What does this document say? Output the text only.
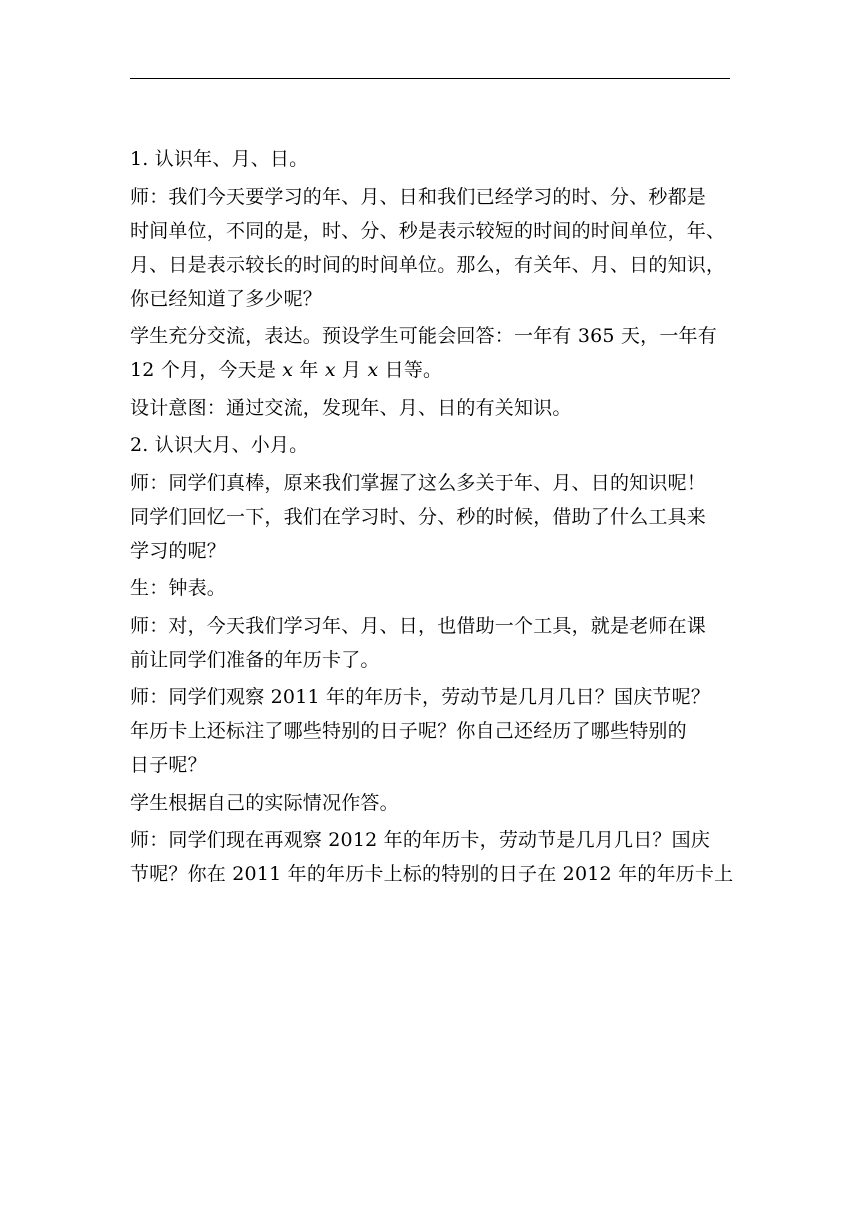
1. 认识年、月、日。

师：我们今天要学习的年、月、日和我们已经学习的时、分、秒都是
时间单位，不同的是，时、分、秒是表示较短的时间的时间单位，年、
月、日是表示较长的时间的时间单位。那么，有关年、月、日的知识，
你已经知道了多少呢？

学生充分交流，表达。预设学生可能会回答：一年有 365 天，一年有
12 个月，今天是 x 年 x 月 x 日等。

设计意图：通过交流，发现年、月、日的有关知识。

2. 认识大月、小月。

师：同学们真棒，原来我们掌握了这么多关于年、月、日的知识呢！
同学们回忆一下，我们在学习时、分、秒的时候，借助了什么工具来
学习的呢？

生：钟表。

师：对，今天我们学习年、月、日，也借助一个工具，就是老师在课
前让同学们准备的年历卡了。

师：同学们观察 2011 年的年历卡，劳动节是几月几日？国庆节呢？
年历卡上还标注了哪些特别的日子呢？你自己还经历了哪些特别的
日子呢？

学生根据自己的实际情况作答。

师：同学们现在再观察 2012 年的年历卡，劳动节是几月几日？国庆
节呢？你在 2011 年的年历卡上标的特别的日子在 2012 年的年历卡上
